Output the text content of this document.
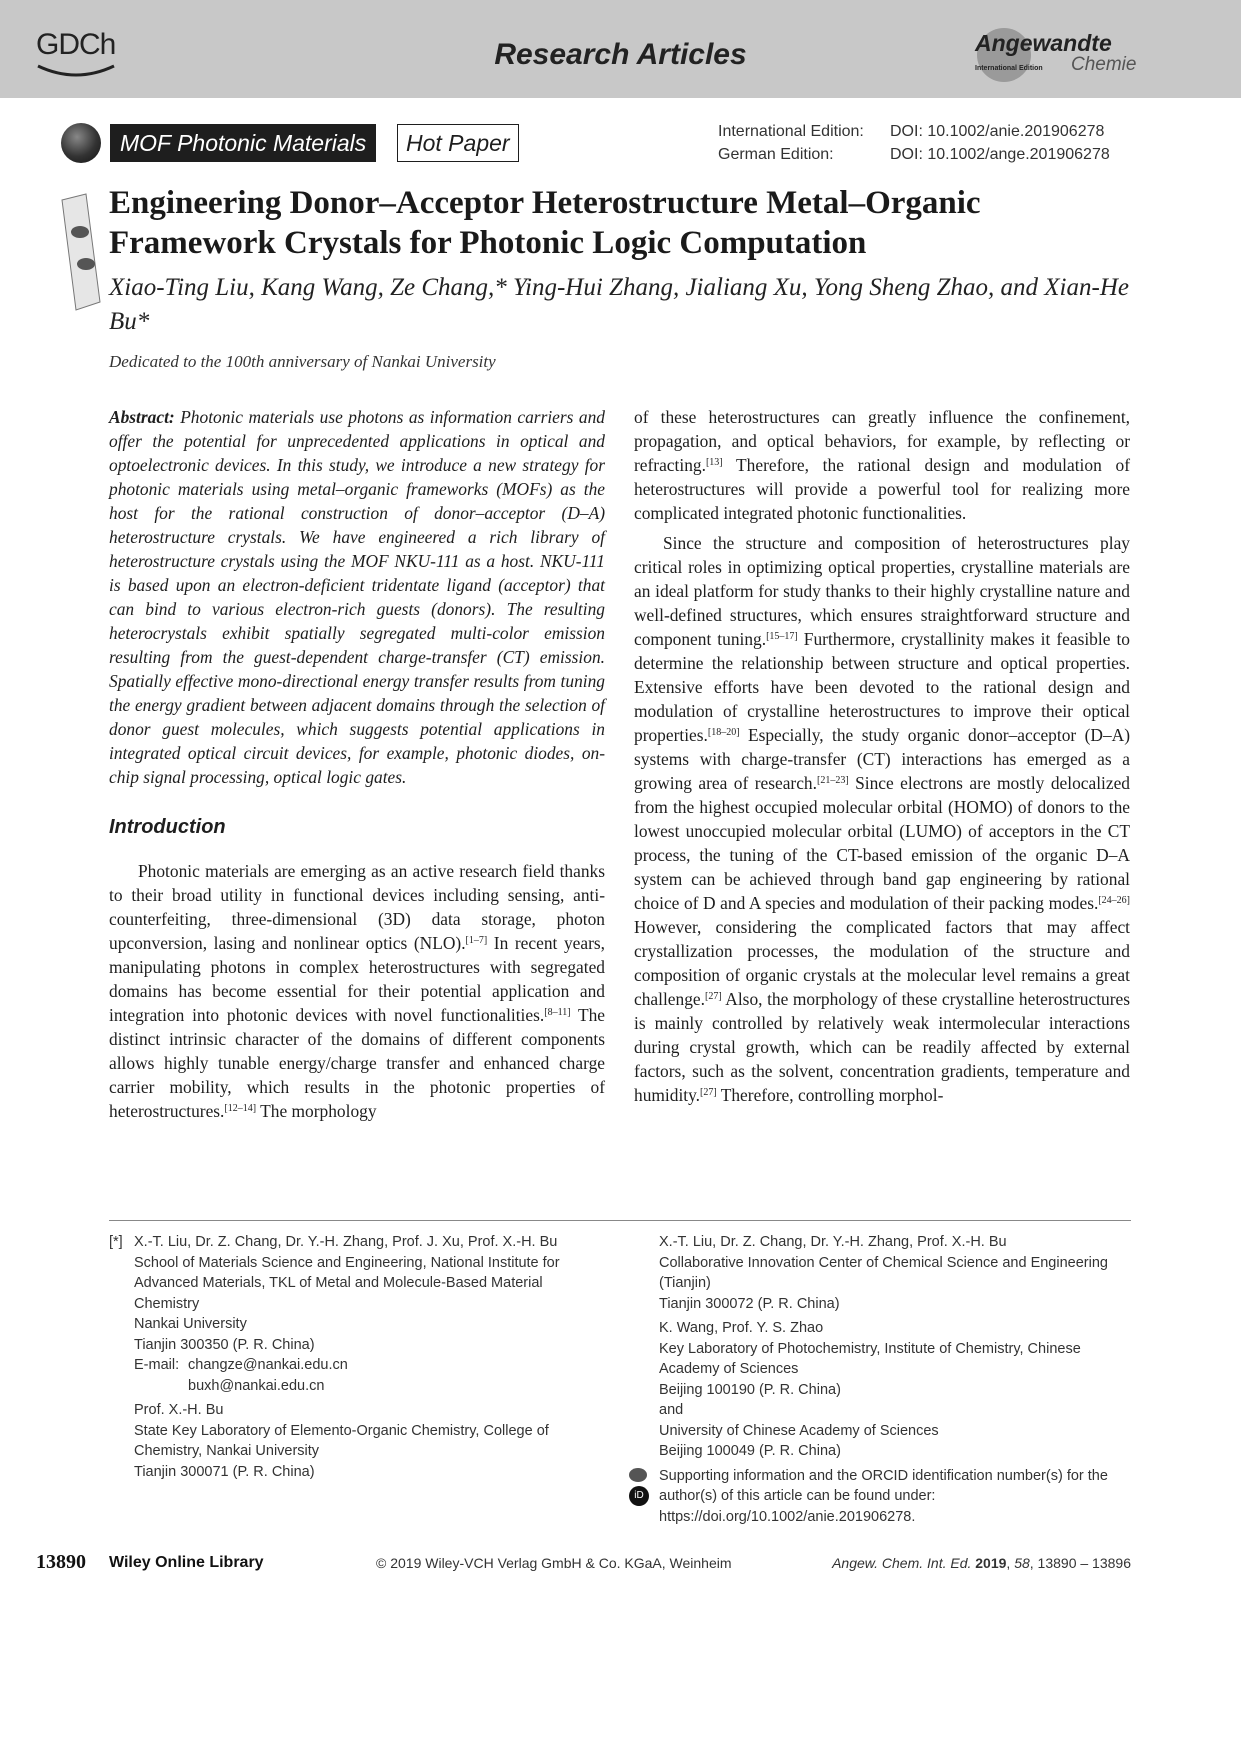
GDCh	Research Articles	Angewandte
Chemie
International Edition
MOF Photonic Materials	Hot Paper	International Edition:	DOI: 10.1002/anie.201906278
German Edition:	DOI: 10.1002/ange.201906278
Engineering Donor–Acceptor Heterostructure Metal–Organic Framework Crystals for Photonic Logic Computation
Xiao-Ting Liu, Kang Wang, Ze Chang,* Ying-Hui Zhang, Jialiang Xu, Yong Sheng Zhao, and Xian-He Bu*
Dedicated to the 100th anniversary of Nankai University

Abstract: Photonic materials use photons as information carriers and offer the potential for unprecedented applications in optical and optoelectronic devices. In this study, we introduce a new strategy for photonic materials using metal–organic frameworks (MOFs) as the host for the rational construction of donor–acceptor (D–A) heterostructure crystals. We have engineered a rich library of heterostructure crystals using the MOF NKU-111 as a host. NKU-111 is based upon an electron-deficient tridentate ligand (acceptor) that can bind to various electron-rich guests (donors). The resulting heterocrystals exhibit spatially segregated multi-color emission resulting from the guest-dependent charge-transfer (CT) emission. Spatially effective mono-directional energy transfer results from tuning the energy gradient between adjacent domains through the selection of donor guest molecules, which suggests potential applications in integrated optical circuit devices, for example, photonic diodes, on-chip signal processing, optical logic gates.

Introduction

Photonic materials are emerging as an active research field thanks to their broad utility in functional devices including sensing, anti-counterfeiting, three-dimensional (3D) data storage, photon upconversion, lasing and nonlinear optics (NLO).[1–7] In recent years, manipulating photons in complex heterostructures with segregated domains has become essential for their potential application and integration into photonic devices with novel functionalities.[8–11] The distinct intrinsic character of the domains of different components allows highly tunable energy/charge transfer and enhanced charge carrier mobility, which results in the photonic properties of heterostructures.[12–14] The morphology

of these heterostructures can greatly influence the confinement, propagation, and optical behaviors, for example, by reflecting or refracting.[13] Therefore, the rational design and modulation of heterostructures will provide a powerful tool for realizing more complicated integrated photonic functionalities.

Since the structure and composition of heterostructures play critical roles in optimizing optical properties, crystalline materials are an ideal platform for study thanks to their highly crystalline nature and well-defined structures, which ensures straightforward structure and component tuning.[15–17] Furthermore, crystallinity makes it feasible to determine the relationship between structure and optical properties. Extensive efforts have been devoted to the rational design and modulation of crystalline heterostructures to improve their optical properties.[18–20] Especially, the study organic donor–acceptor (D–A) systems with charge-transfer (CT) interactions has emerged as a growing area of research.[21–23] Since electrons are mostly delocalized from the highest occupied molecular orbital (HOMO) of donors to the lowest unoccupied molecular orbital (LUMO) of acceptors in the CT process, the tuning of the CT-based emission of the organic D–A system can be achieved through band gap engineering by rational choice of D and A species and modulation of their packing modes.[24–26] However, considering the complicated factors that may affect crystallization processes, the modulation of the structure and composition of organic crystals at the molecular level remains a great challenge.[27] Also, the morphology of these crystalline heterostructures is mainly controlled by relatively weak intermolecular interactions during crystal growth, which can be readily affected by external factors, such as the solvent, concentration gradients, temperature and humidity.[27] Therefore, controlling morphol-

[*] X.-T. Liu, Dr. Z. Chang, Dr. Y.-H. Zhang, Prof. J. Xu, Prof. X.-H. Bu
School of Materials Science and Engineering, National Institute for Advanced Materials, TKL of Metal and Molecule-Based Material Chemistry
Nankai University
Tianjin 300350 (P. R. China)
E-mail: changze@nankai.edu.cn
buxh@nankai.edu.cn
Prof. X.-H. Bu
State Key Laboratory of Elemento-Organic Chemistry, College of Chemistry, Nankai University
Tianjin 300071 (P. R. China)
X.-T. Liu, Dr. Z. Chang, Dr. Y.-H. Zhang, Prof. X.-H. Bu
Collaborative Innovation Center of Chemical Science and Engineering (Tianjin)
Tianjin 300072 (P. R. China)
K. Wang, Prof. Y. S. Zhao
Key Laboratory of Photochemistry, Institute of Chemistry, Chinese Academy of Sciences
Beijing 100190 (P. R. China)
and
University of Chinese Academy of Sciences
Beijing 100049 (P. R. China)
iD
Supporting information and the ORCID identification number(s) for the author(s) of this article can be found under: https://doi.org/10.1002/anie.201906278.
13890 Wiley Online Library	© 2019 Wiley-VCH Verlag GmbH & Co. KGaA, Weinheim	Angew. Chem. Int. Ed. 2019, 58, 13890 – 13896
